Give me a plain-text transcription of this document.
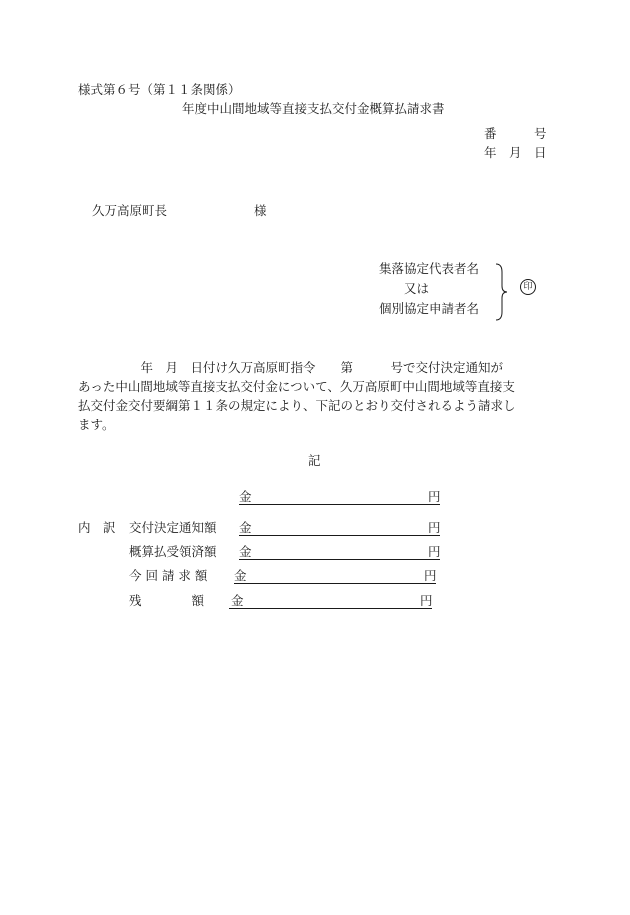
様式第６号（第１１条関係）
年度中山間地域等直接支払交付金概算払請求書
番　　　号
年　月　日
久万高原町長	様
集落協定代表者名
又は
個別協定申請者名
印
　　　　　年　月　日付け久万高原町指令　　第　　　号で交付決定通知が
あった中山間地域等直接支払交付金について、久万高原町中山間地域等直接支
払交付金交付要綱第１１条の規定により、下記のとおり交付されるよう請求し
ます。
記
金	円
内　訳 交付決定通知額 金	円
概算払受領済額 金	円
今 回 請 求 額 金	円
残　　　　額 金	円
